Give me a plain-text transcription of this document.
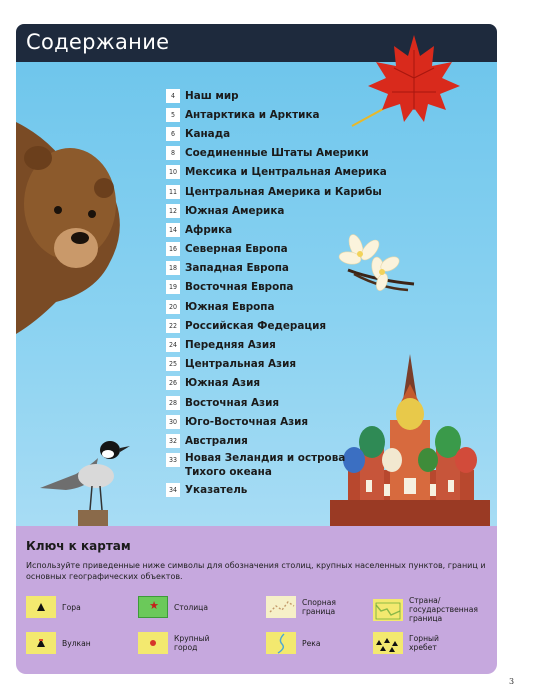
Содержание
4 Наш мир
5 Антарктика и Арктика
6 Канада
8 Соединенные Штаты Америки
10 Мексика и Центральная Америка
11 Центральная Америка и Карибы
12 Южная Америка
14 Африка
16 Северная Европа
18 Западная Европа
19 Восточная Европа
20 Южная Европа
22 Российская Федерация
24 Передняя Азия
25 Центральная Азия
26 Южная Азия
28 Восточная Азия
30 Юго-Восточная Азия
32 Австралия
33 Новая Зеландия и острова Тихого океана
34 Указатель
Ключ к картам
Используйте приведенные ниже символы для обозначения столиц, крупных населенных пунктов, границ и основных географических объектов.
Гора
Вулкан
★ Столица
Крупный город
Спорная граница
Река
Страна/государственная граница
Горный хребет
3
